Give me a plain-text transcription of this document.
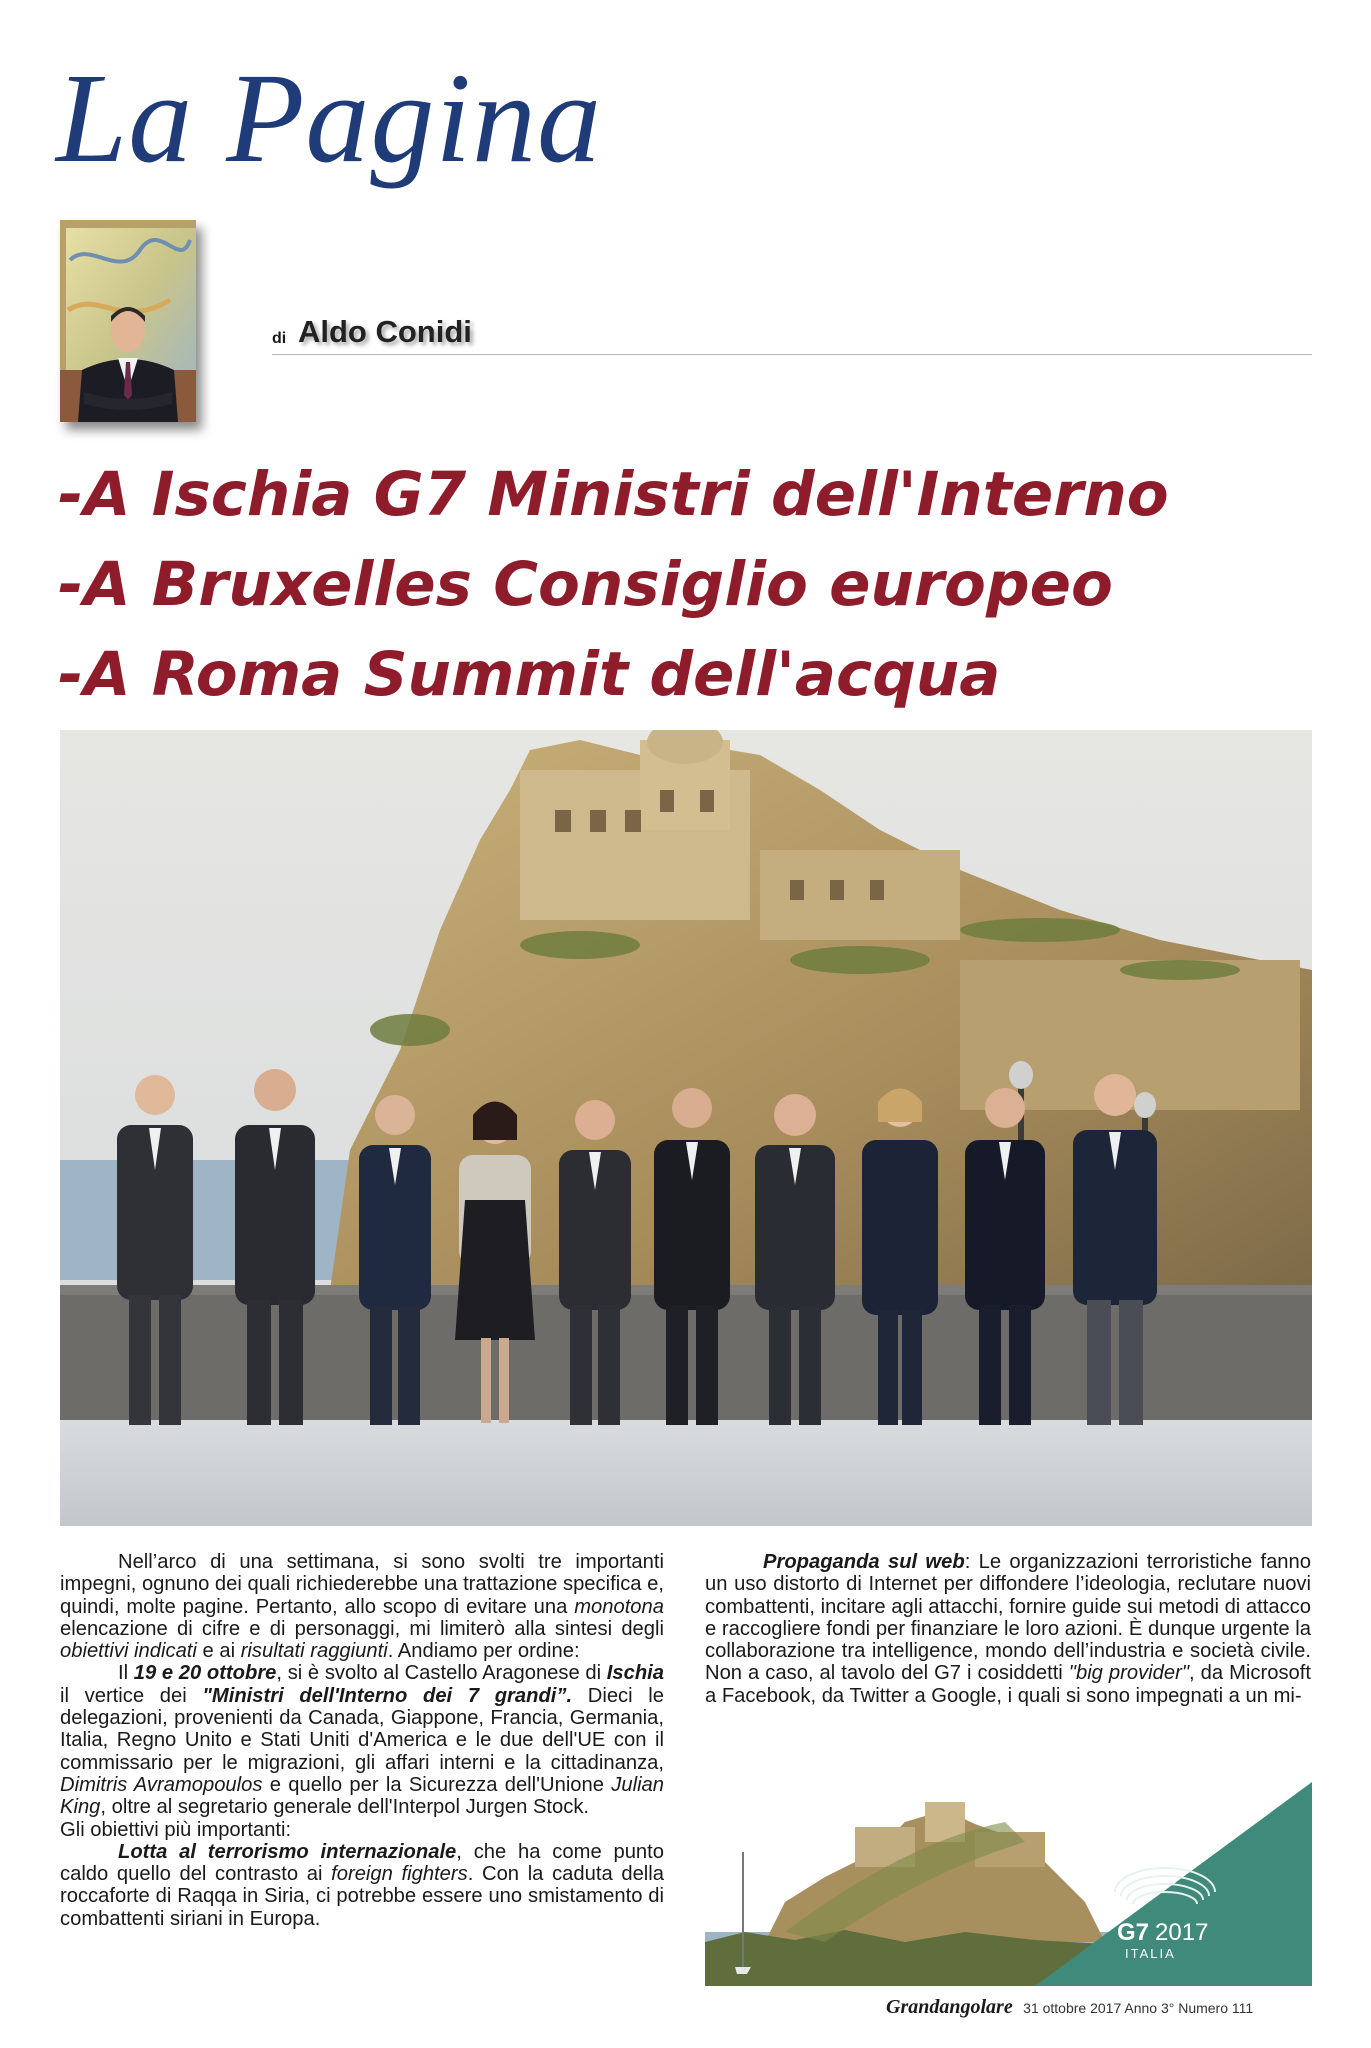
La Pagina
di Aldo Conidi
-A Ischia G7 Ministri dell'Interno
-A Bruxelles Consiglio europeo
-A Roma Summit dell'acqua

Nell’arco di una settimana, si sono svolti tre importanti impegni, ognuno dei quali richiederebbe una trattazione specifica e, quindi, molte pagine. Pertanto, allo scopo di evitare una monotona elencazione di cifre e di personaggi, mi limiterò alla sintesi degli obiettivi indicati e ai risultati raggiunti. Andiamo per ordine:

Il 19 e 20 ottobre, si è svolto al Castello Aragonese di Ischia il vertice dei "Ministri dell'Interno dei 7 grandi”. Dieci le delegazioni, provenienti da Canada, Giappone, Francia, Germania, Italia, Regno Unito e Stati Uniti d'America e le due dell'UE con il commissario per le migrazioni, gli affari interni e la cittadinanza, Dimitris Avramopoulos e quello per la Sicurezza dell'Unione Julian King, oltre al segretario generale dell'Interpol Jurgen Stock.

Gli obiettivi più importanti:

Lotta al terrorismo internazionale, che ha come punto caldo quello del contrasto ai foreign fighters. Con la caduta della roccaforte di Raqqa in Siria, ci potrebbe essere uno smistamento di combattenti siriani in Europa.

Propaganda sul web: Le organizzazioni terroristiche fanno un uso distorto di Internet per diffondere l’ideologia, reclutare nuovi combattenti, incitare agli attacchi, fornire guide sui metodi di attacco e raccogliere fondi per finanziare le loro azioni. È dunque urgente la collaborazione tra intelligence, mondo dell’industria e società civile. Non a caso, al tavolo del G7 i cosiddetti "big provider", da Microsoft a Facebook, da Twitter a Google, i quali si sono impegnati a un mi-

G7 2017
ITALIA
Grandangolare 31 ottobre 2017 Anno 3° Numero 111
